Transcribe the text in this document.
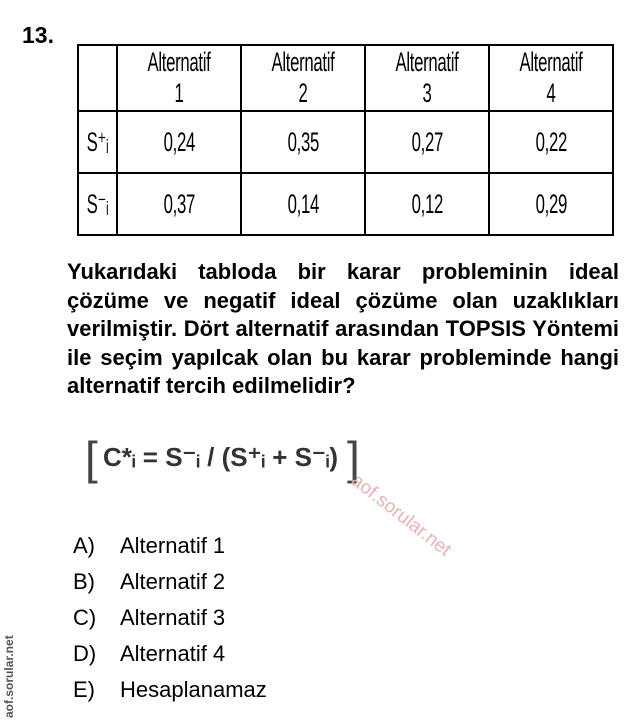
13.
	Alternatif 1	Alternatif 2	Alternatif 3	Alternatif 4
S⁺ᵢ	0,24	0,35	0,27	0,22
S⁻ᵢ	0,37	0,14	0,12	0,29
Yukarıdaki tabloda bir karar probleminin ideal çözüme ve negatif ideal çözüme olan uzaklıkları verilmiştir. Dört alternatif arasından TOPSIS Yöntemi ile seçim yapılcak olan bu karar probleminde hangi alternatif tercih edilmelidir?
[ C*ᵢ = S⁻ᵢ / (S⁺ᵢ + S⁻ᵢ) ]
aof.sorular.net
A) Alternatif 1
B) Alternatif 2
C) Alternatif 3
D) Alternatif 4
E) Hesaplanamaz
aof.sorular.net
